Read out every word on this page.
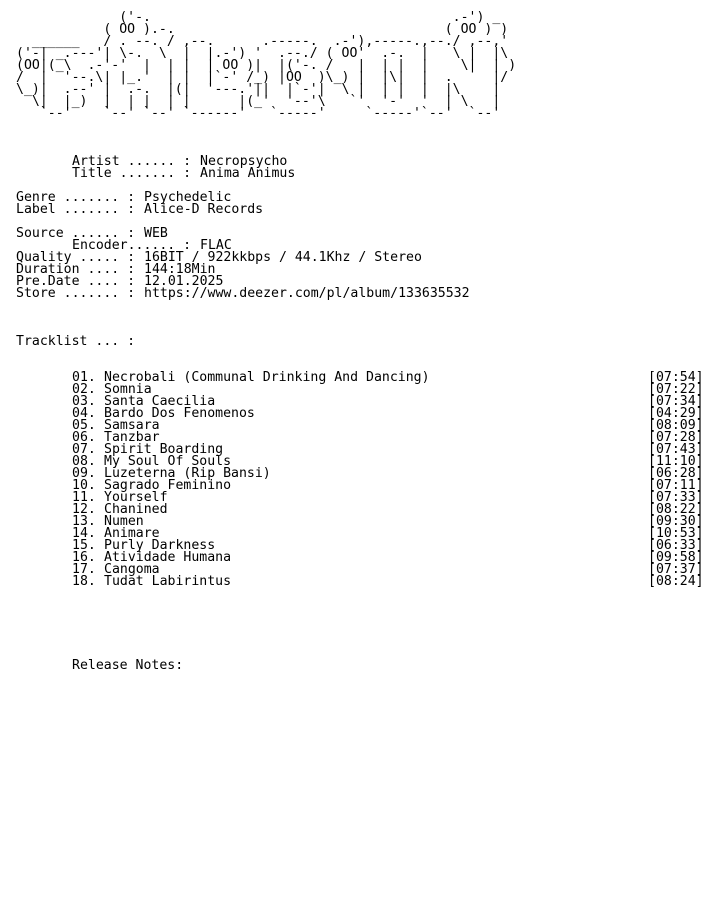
('-.                                      .-') _
( OO ).-.                                  ( OO ) )
______   / . --. / ,--.      .-----.  .-'),-----.,--./ ,--,'
('-| _.---'| \-.  \  |  |.-') '  .--./ ( OO'  .-.  |   \ |  |\
(OO|(_\  .-'-'  |  | |  | OO )|  |('-. /   |  | |  |    \|  | )
/  |  '--.\| |_.'  | |  |`-' /_) |OO  )\_) |  |\|  |  .     |/
\_)|  .--' |  .-.  |(|  '---.'||  |`-'|  \ |  | |  |  |\    |
\|  |_)  |  | |  | |      |(_'  '--'\   `'  '-'  '  | \   |
`--'    `--' `--' `------'   `-----'     `-----'`--'  `--'
Artist ...... : Necropsycho
Title ....... : Anima Animus
Genre ....... : Psychedelic
Label ....... : Alice-D Records
Source ...... : WEB
Encoder...... : FLAC
Quality ..... : 16BIT / 922kkbps / 44.1Khz / Stereo
Duration .... : 144:18Min
Pre.Date .... : 12.01.2025
Store ....... : https://www.deezer.com/pl/album/133635532
Tracklist ... :
01. Necrobali (Communal Drinking And Dancing)	[07:54]
02. Somnia	[07:22]
03. Santa Caecilia	[07:34]
04. Bardo Dos Fenomenos	[04:29]
05. Samsara	[08:09]
06. Tanzbar	[07:28]
07. Spirit Boarding	[07:43]
08. My Soul Of Souls	[11:10]
09. Luzeterna (Rip Bansi)	[06:28]
10. Sagrado Feminino	[07:11]
11. Yourself	[07:33]
12. Chanined	[08:22]
13. Numen	[09:30]
14. Animare	[10:53]
15. Purly Darkness	[06:33]
16. Atividade Humana	[09:58]
17. Cangoma	[07:37]
18. Tudat Labirintus	[08:24]
Release Notes:
